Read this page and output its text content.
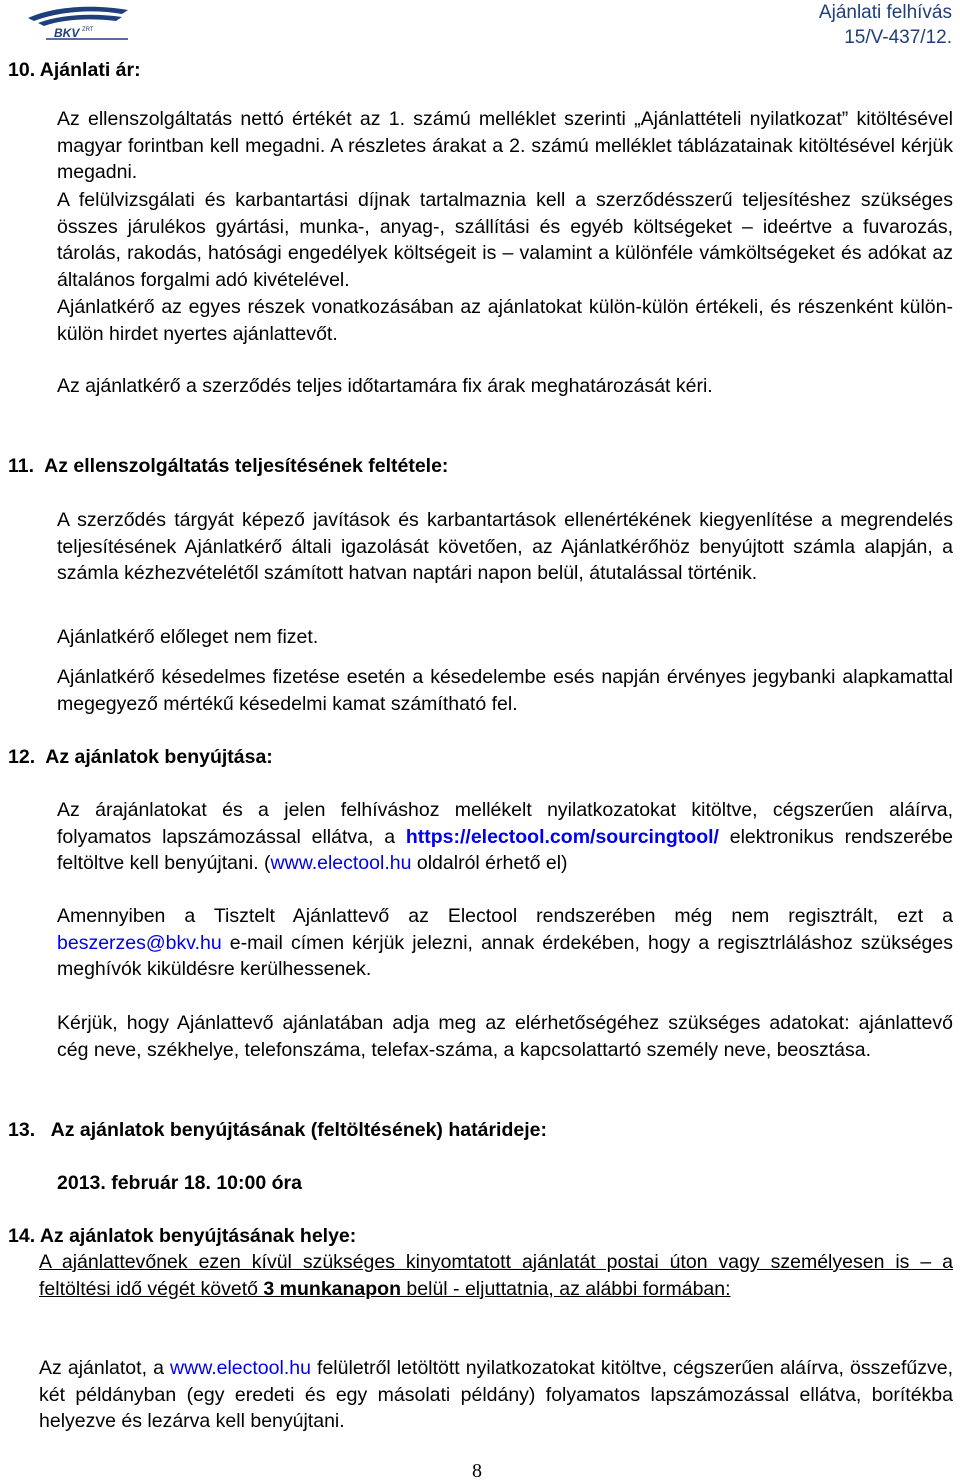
BKV ZRT
Ajánlati felhívás
15/V-437/12.
10. Ajánlati ár:
Az ellenszolgáltatás nettó értékét az 1. számú melléklet szerinti „Ajánlattételi nyilatkozat” kitöltésével magyar forintban kell megadni. A részletes árakat a 2. számú melléklet táblázatainak kitöltésével kérjük megadni.
A felülvizsgálati és karbantartási díjnak tartalmaznia kell a szerződésszerű teljesítéshez szükséges összes járulékos gyártási, munka-, anyag-, szállítási és egyéb költségeket – ideértve a fuvarozás, tárolás, rakodás, hatósági engedélyek költségeit is – valamint a különféle vámköltségeket és adókat az általános forgalmi adó kivételével.
Ajánlatkérő az egyes részek vonatkozásában az ajánlatokat külön-külön értékeli, és részenként külön-külön hirdet nyertes ajánlattevőt.
Az ajánlatkérő a szerződés teljes időtartamára fix árak meghatározását kéri.
11. Az ellenszolgáltatás teljesítésének feltétele:
A szerződés tárgyát képező javítások és karbantartások ellenértékének kiegyenlítése a megrendelés teljesítésének Ajánlatkérő általi igazolását követően, az Ajánlatkérőhöz benyújtott számla alapján, a számla kézhezvételétől számított hatvan naptári napon belül, átutalással történik.
Ajánlatkérő előleget nem fizet.
Ajánlatkérő késedelmes fizetése esetén a késedelembe esés napján érvényes jegybanki alapkamattal megegyező mértékű késedelmi kamat számítható fel.
12. Az ajánlatok benyújtása:
Az árajánlatokat és a jelen felhíváshoz mellékelt nyilatkozatokat kitöltve, cégszerűen aláírva, folyamatos lapszámozással ellátva, a https://electool.com/sourcingtool/ elektronikus rendszerébe feltöltve kell benyújtani. (www.electool.hu oldalról érhető el)
Amennyiben a Tisztelt Ajánlattevő az Electool rendszerében még nem regisztrált, ezt a beszerzes@bkv.hu e-mail címen kérjük jelezni, annak érdekében, hogy a regisztrláláshoz szükséges meghívók kiküldésre kerülhessenek.
Kérjük, hogy Ajánlattevő ajánlatában adja meg az elérhetőségéhez szükséges adatokat: ajánlattevő cég neve, székhelye, telefonszáma, telefax-száma, a kapcsolattartó személy neve, beosztása.
13. Az ajánlatok benyújtásának (feltöltésének) határideje:
2013. február 18. 10:00 óra
14. Az ajánlatok benyújtásának helye:
A ajánlattevőnek ezen kívül szükséges kinyomtatott ajánlatát postai úton vagy személyesen is – a feltöltési idő végét követő 3 munkanapon belül - eljuttatnia, az alábbi formában:
Az ajánlatot, a www.electool.hu felületről letöltött nyilatkozatokat kitöltve, cégszerűen aláírva, összefűzve, két példányban (egy eredeti és egy másolati példány) folyamatos lapszámozással ellátva, borítékba helyezve és lezárva kell benyújtani.
8
